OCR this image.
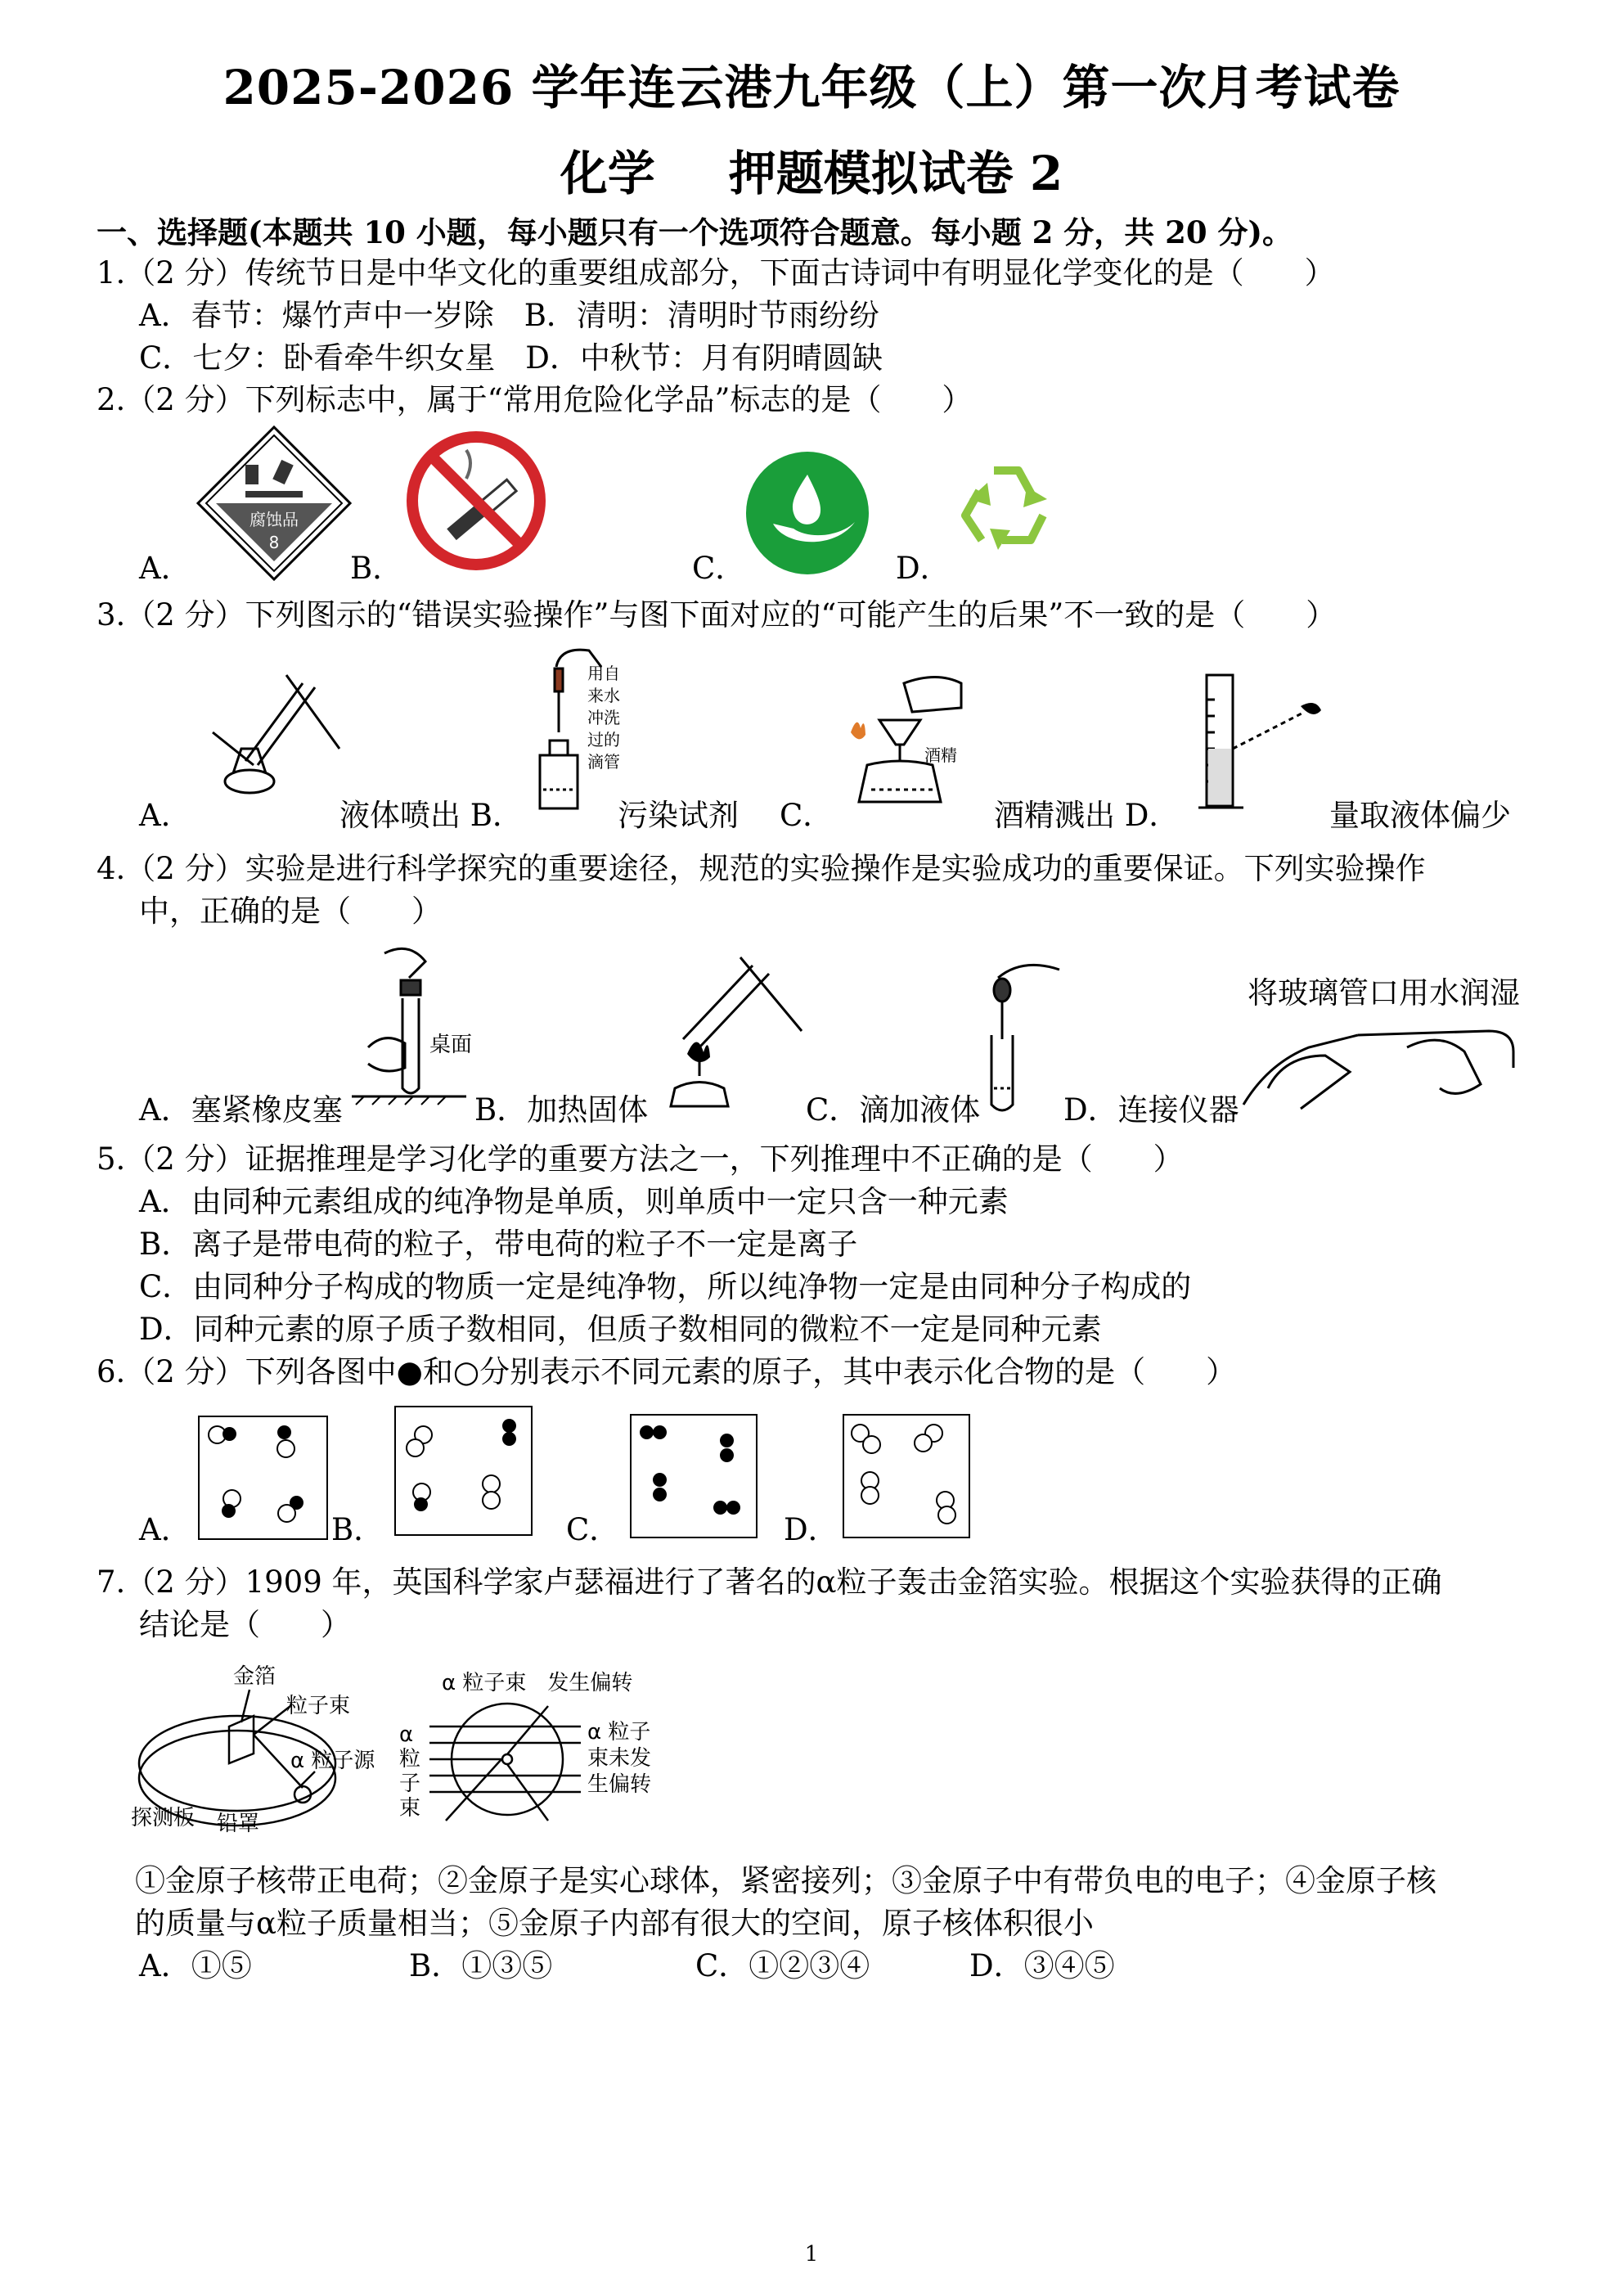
2025-2026 学年连云港九年级（上）第一次月考试卷
化学 押题模拟试卷 2
一、选择题(本题共 10 小题，每小题只有一个选项符合题意。每小题 2 分，共 20 分)。
1.（2 分）传统节日是中华文化的重要组成部分，下面古诗词中有明显化学变化的是（　　）
A．春节：爆竹声中一岁除　B．清明：清明时节雨纷纷
C．七夕：卧看牵牛织女星　D．中秋节：月有阴晴圆缺
2.（2 分）下列标志中，属于“常用危险化学品”标志的是（　　）
腐蚀品
8
A．	B．	C．	D．
3.（2 分）下列图示的“错误实验操作”与图下面对应的“可能产生的后果”不一致的是（　　）
A．	液体喷出 B．
用自
来水
冲洗
过的
滴管
污染试剂 C．
酒精
酒精溅出 D．	量取液体偏少
4.（2 分）实验是进行科学探究的重要途径，规范的实验操作是实验成功的重要保证。下列实验操作
中，正确的是（　　）
桌面
将玻璃管口用水润湿
A．塞紧橡皮塞	B．加热固体	C．滴加液体	D．连接仪器
5.（2 分）证据推理是学习化学的重要方法之一，下列推理中不正确的是（　　）
A．由同种元素组成的纯净物是单质，则单质中一定只含一种元素
B．离子是带电荷的粒子，带电荷的粒子不一定是离子
C．由同种分子构成的物质一定是纯净物，所以纯净物一定是由同种分子构成的
D．同种元素的原子质子数相同，但质子数相同的微粒不一定是同种元素
6.（2 分）下列各图中●和○分别表示不同元素的原子，其中表示化合物的是（　　）
A．	B．	C．	D．
7.（2 分）1909 年，英国科学家卢瑟福进行了著名的α粒子轰击金箔实验。根据这个实验获得的正确
结论是（　　）
金箔
粒子束
α 粒子源
探测板 铅罩
α 粒子束　发生偏转
α
粒
子
束
α 粒子
束未发
生偏转
①金原子核带正电荷；②金原子是实心球体，紧密接列；③金原子中有带负电的电子；④金原子核
的质量与α粒子质量相当；⑤金原子内部有很大的空间，原子核体积很小
A．①⑤	B．①③⑤	C．①②③④	D．③④⑤
1
